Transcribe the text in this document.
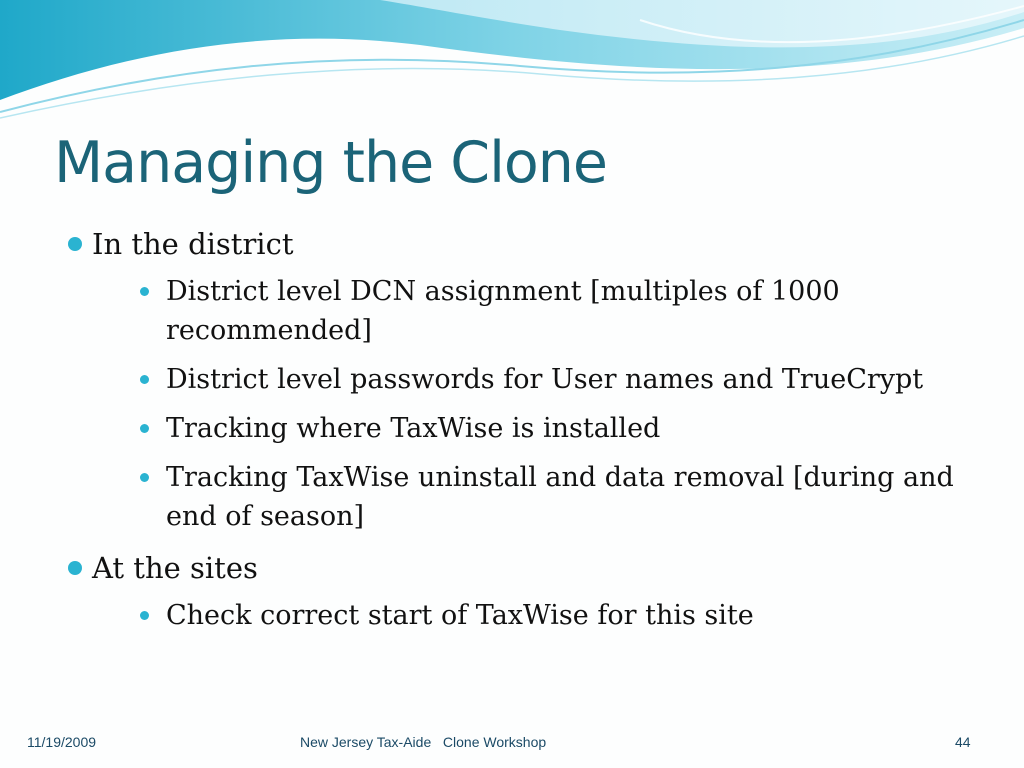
Managing the Clone
In the district
District level DCN assignment [multiples of 1000 recommended]
District level passwords for User names and TrueCrypt
Tracking where TaxWise is installed
Tracking TaxWise uninstall and data removal [during and end of season]
At the sites
Check correct start of TaxWise for this site
11/19/2009	New Jersey Tax-Aide   Clone Workshop	44
